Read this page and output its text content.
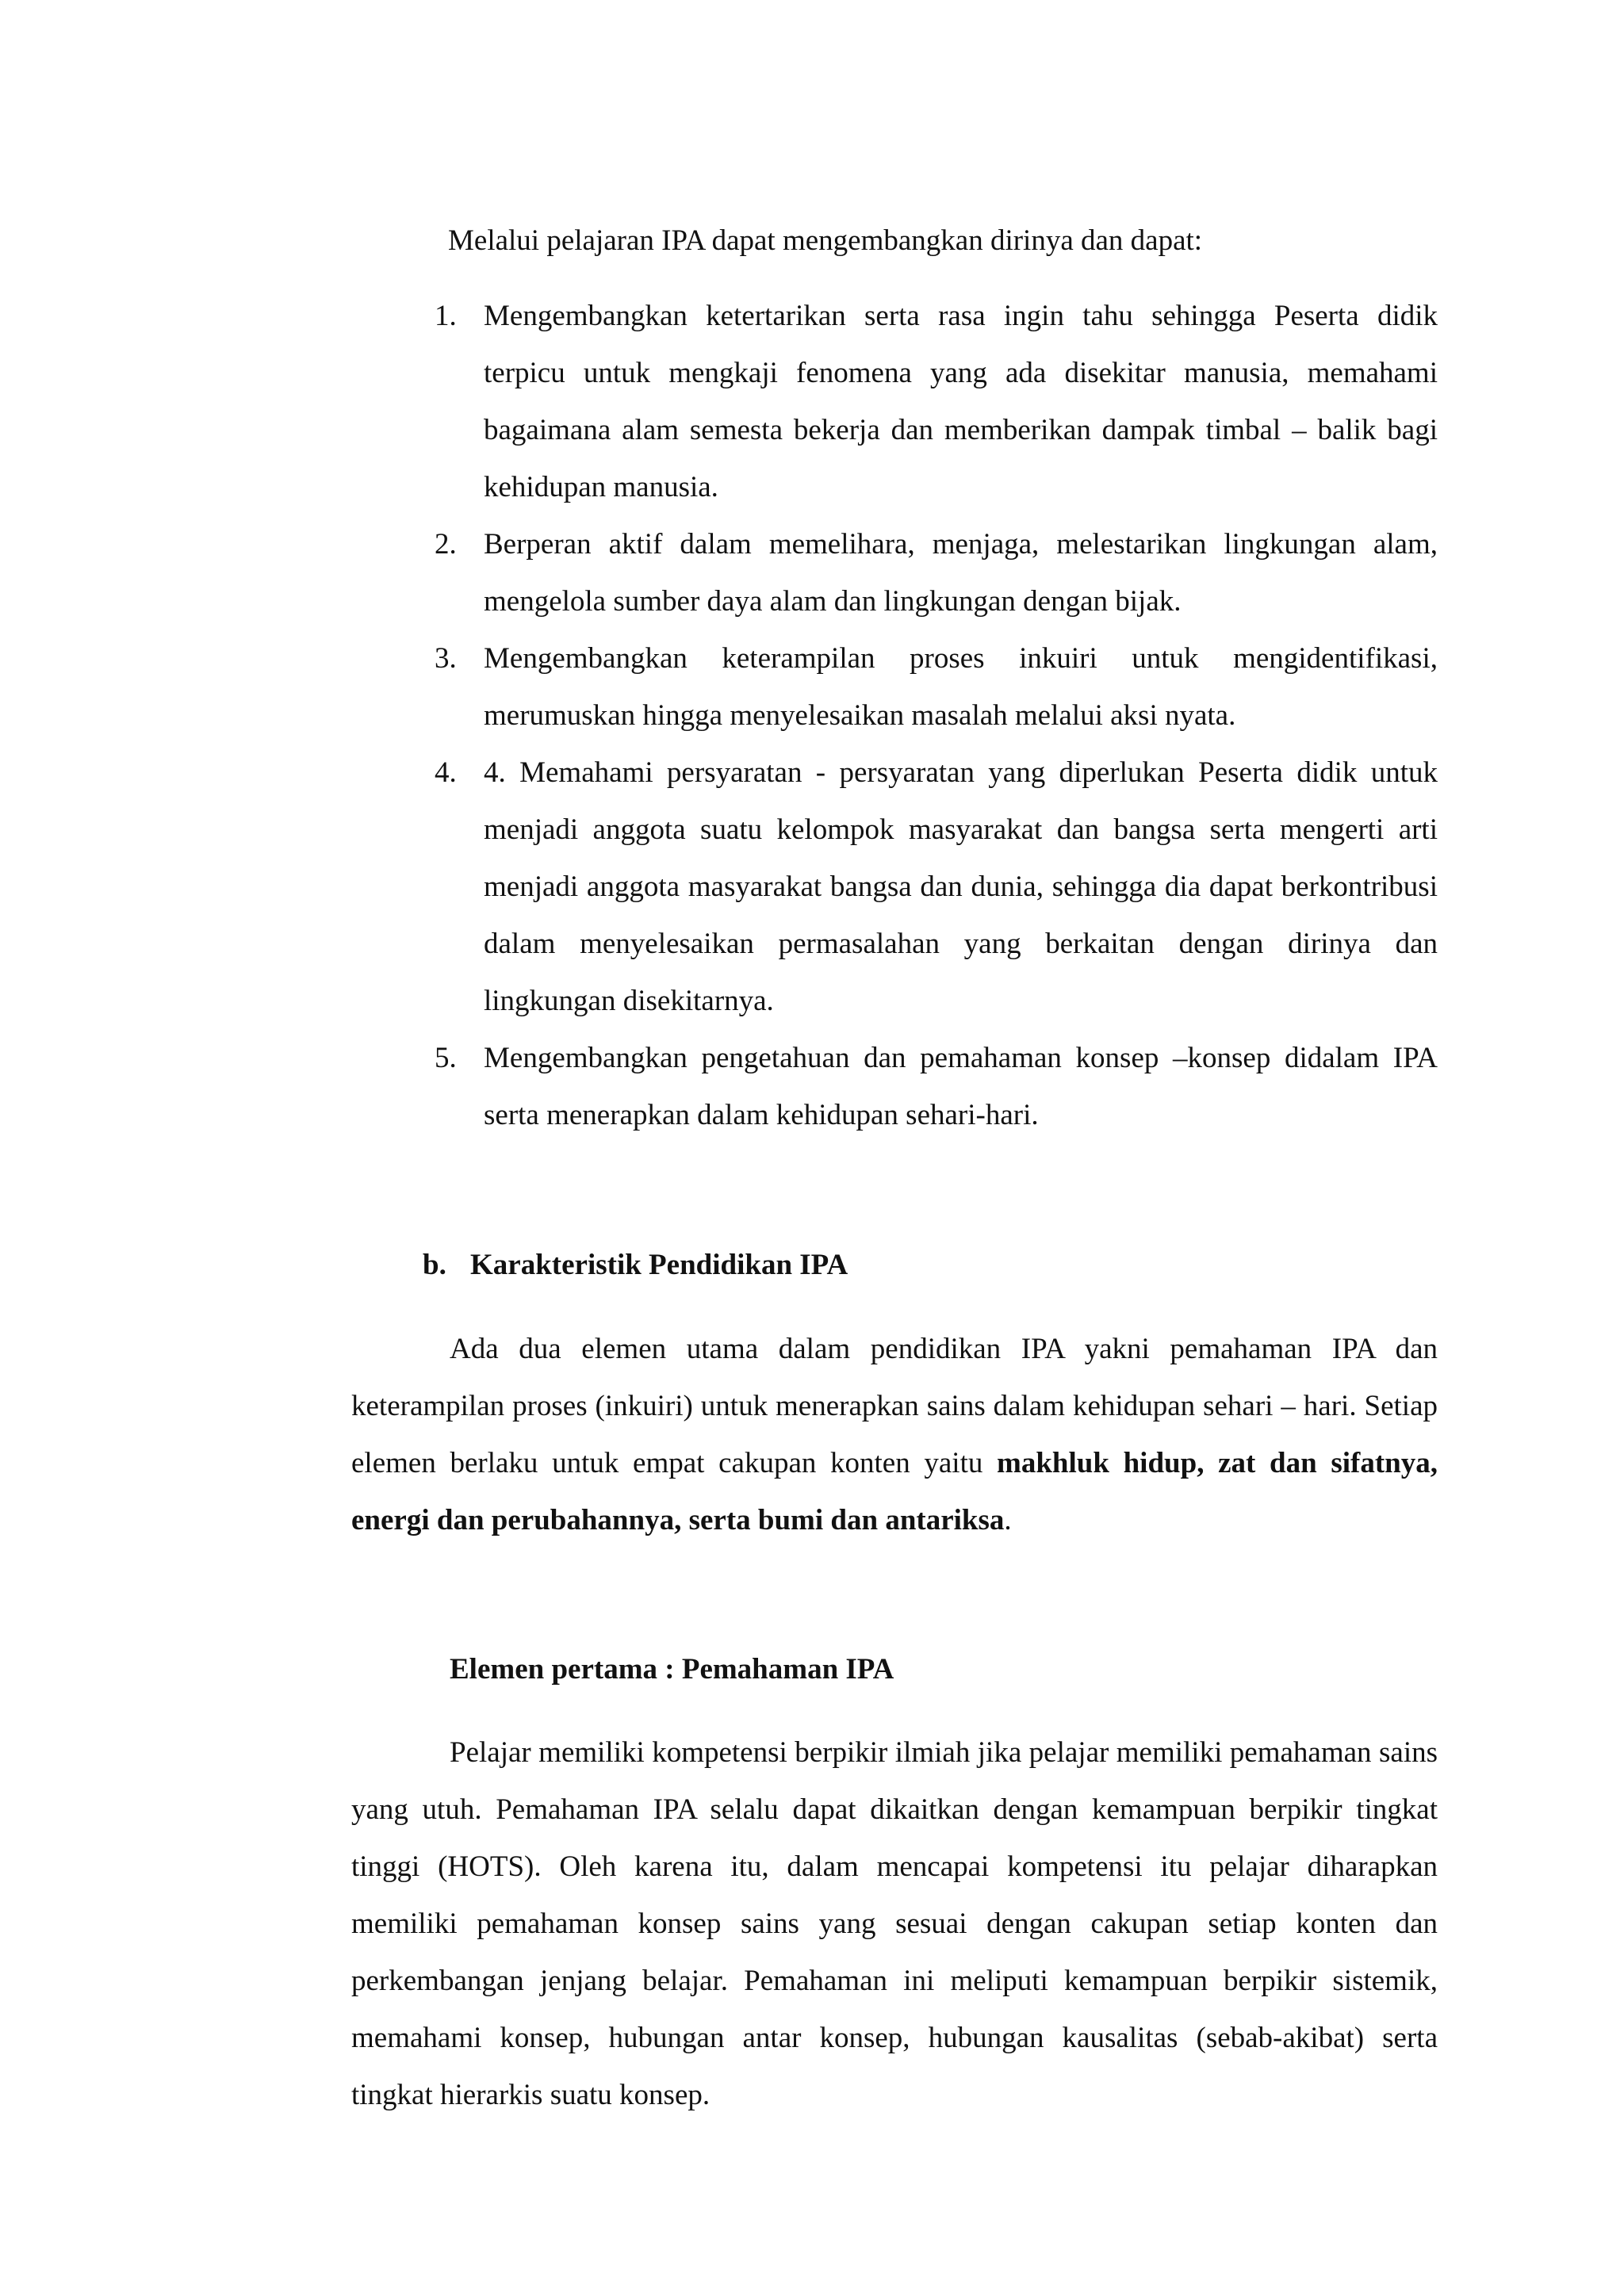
Melalui pelajaran IPA dapat mengembangkan dirinya dan dapat:

1. Mengembangkan ketertarikan serta rasa ingin tahu sehingga Peserta didik terpicu untuk mengkaji fenomena yang ada disekitar manusia, memahami bagaimana alam semesta bekerja dan memberikan dampak timbal – balik bagi kehidupan manusia.
2. Berperan aktif dalam memelihara, menjaga, melestarikan lingkungan alam, mengelola sumber daya alam dan lingkungan dengan bijak.
3. Mengembangkan keterampilan proses inkuiri untuk mengidentifikasi, merumuskan hingga menyelesaikan masalah melalui aksi nyata.
4. 4. Memahami persyaratan - persyaratan yang diperlukan Peserta didik untuk menjadi anggota suatu kelompok masyarakat dan bangsa serta mengerti arti menjadi anggota masyarakat bangsa dan dunia, sehingga dia dapat berkontribusi dalam menyelesaikan permasalahan yang berkaitan dengan dirinya dan lingkungan disekitarnya.
5. Mengembangkan pengetahuan dan pemahaman konsep –konsep didalam IPA serta menerapkan dalam kehidupan sehari-hari.
b. Karakteristik Pendidikan IPA

Ada dua elemen utama dalam pendidikan IPA yakni pemahaman IPA dan keterampilan proses (inkuiri) untuk menerapkan sains dalam kehidupan sehari – hari. Setiap elemen berlaku untuk empat cakupan konten yaitu makhluk hidup, zat dan sifatnya, energi dan perubahannya, serta bumi dan antariksa.

Elemen pertama : Pemahaman IPA

Pelajar memiliki kompetensi berpikir ilmiah jika pelajar memiliki pemahaman sains yang utuh. Pemahaman IPA selalu dapat dikaitkan dengan kemampuan berpikir tingkat tinggi (HOTS). Oleh karena itu, dalam mencapai kompetensi itu pelajar diharapkan memiliki pemahaman konsep sains yang sesuai dengan cakupan setiap konten dan perkembangan jenjang belajar. Pemahaman ini meliputi kemampuan berpikir sistemik, memahami konsep, hubungan antar konsep, hubungan kausalitas (sebab-akibat) serta tingkat hierarkis suatu konsep.
